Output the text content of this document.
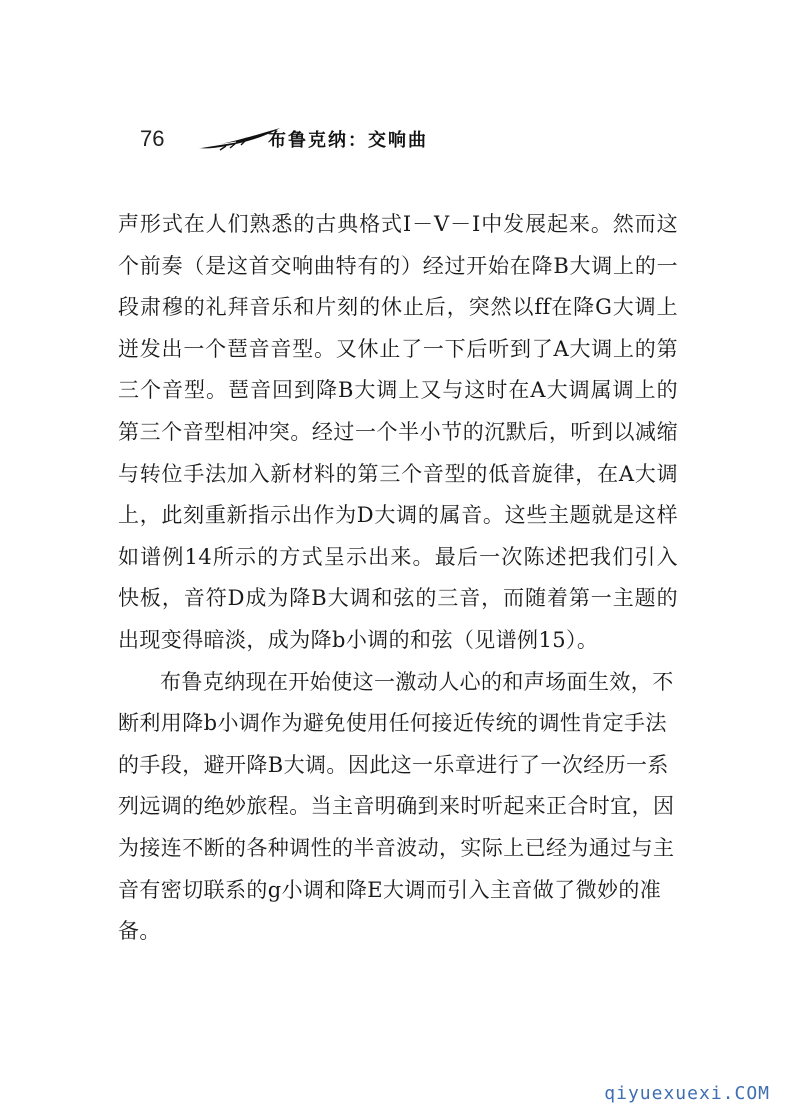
76	布鲁克纳：交响曲

声形式在人们熟悉的古典格式Ⅰ－Ⅴ－Ⅰ中发展起来。然而这个前奏（是这首交响曲特有的）经过开始在降B大调上的一段肃穆的礼拜音乐和片刻的休止后，突然以ff在降G大调上迸发出一个琶音音型。又休止了一下后听到了A大调上的第三个音型。琶音回到降B大调上又与这时在A大调属调上的第三个音型相冲突。经过一个半小节的沉默后，听到以减缩与转位手法加入新材料的第三个音型的低音旋律，在A大调上，此刻重新指示出作为D大调的属音。这些主题就是这样如谱例14所示的方式呈示出来。最后一次陈述把我们引入快板，音符D成为降B大调和弦的三音，而随着第一主题的出现变得暗淡，成为降b小调的和弦（见谱例15）。

布鲁克纳现在开始使这一激动人心的和声场面生效，不断利用降b小调作为避免使用任何接近传统的调性肯定手法的手段，避开降B大调。因此这一乐章进行了一次经历一系列远调的绝妙旅程。当主音明确到来时听起来正合时宜，因为接连不断的各种调性的半音波动，实际上已经为通过与主音有密切联系的g小调和降E大调而引入主音做了微妙的准备。

qiyuexuexi.COM
